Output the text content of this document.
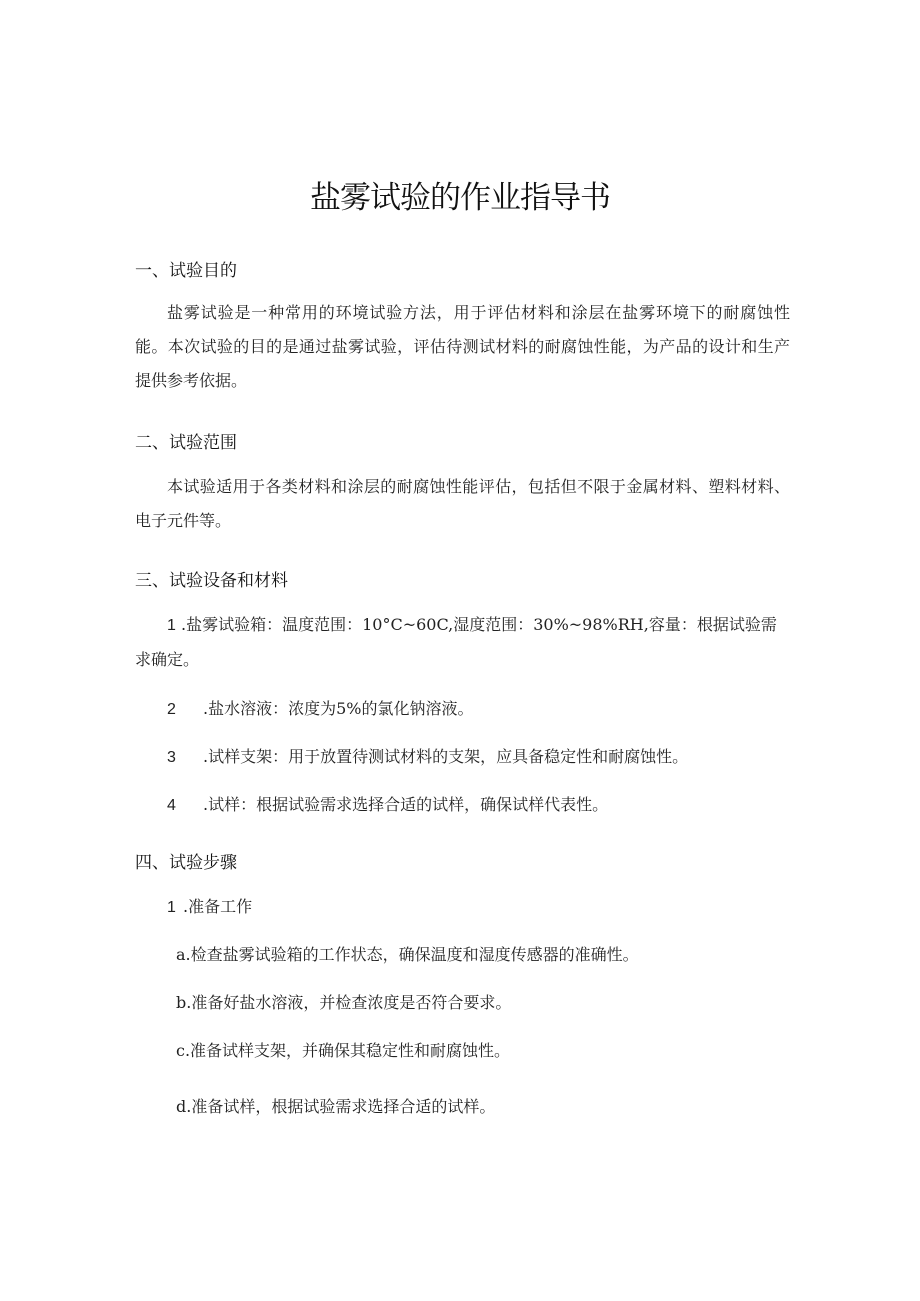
盐雾试验的作业指导书
一、试验目的

盐雾试验是一种常用的环境试验方法，用于评估材料和涂层在盐雾环境下的耐腐蚀性能。本次试验的目的是通过盐雾试验，评估待测试材料的耐腐蚀性能，为产品的设计和生产提供参考依据。

二、试验范围

本试验适用于各类材料和涂层的耐腐蚀性能评估，包括但不限于金属材料、塑料材料、电子元件等。

三、试验设备和材料

1 .盐雾试验箱：温度范围：10°C~60C,湿度范围：30%~98%RH,容量：根据试验需求确定。

2 .盐水溶液：浓度为5%的氯化钠溶液。
3 .试样支架：用于放置待测试材料的支架，应具备稳定性和耐腐蚀性。
4 .试样：根据试验需求选择合适的试样，确保试样代表性。
四、试验步骤
1 .准备工作
a.检查盐雾试验箱的工作状态，确保温度和湿度传感器的准确性。
b.准备好盐水溶液，并检查浓度是否符合要求。
c.准备试样支架，并确保其稳定性和耐腐蚀性。
d.准备试样，根据试验需求选择合适的试样。
